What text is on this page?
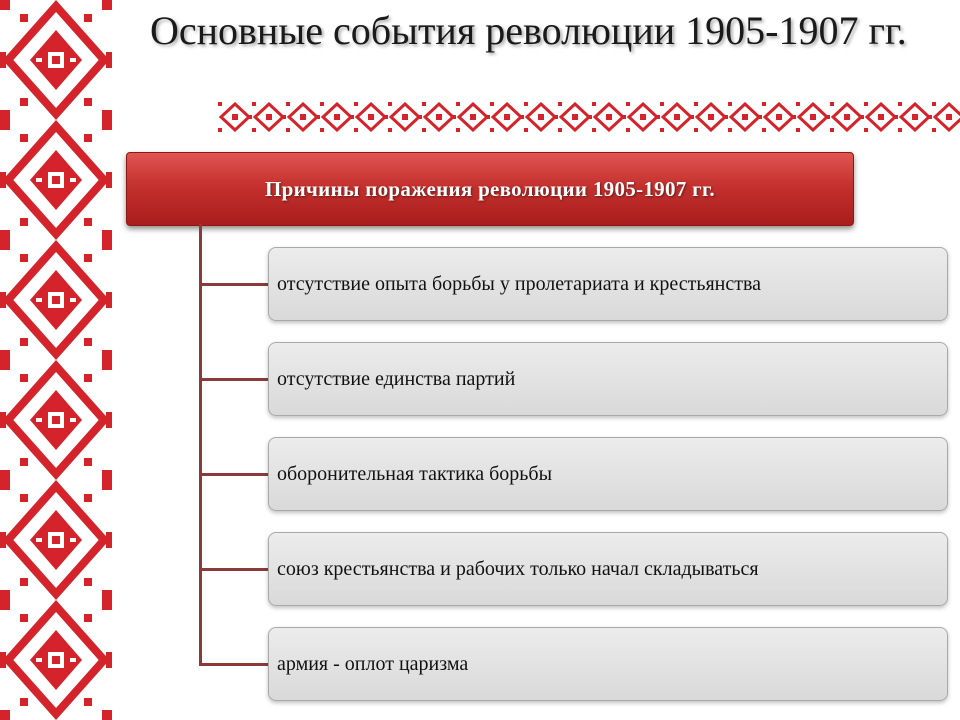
Основные события революции 1905-1907 гг.
Причины поражения революции 1905-1907 гг.
отсутствие опыта борьбы у пролетариата и крестьянства
отсутствие единства партий
оборонительная тактика борьбы
союз крестьянства и рабочих только начал складываться
армия - оплот царизма
